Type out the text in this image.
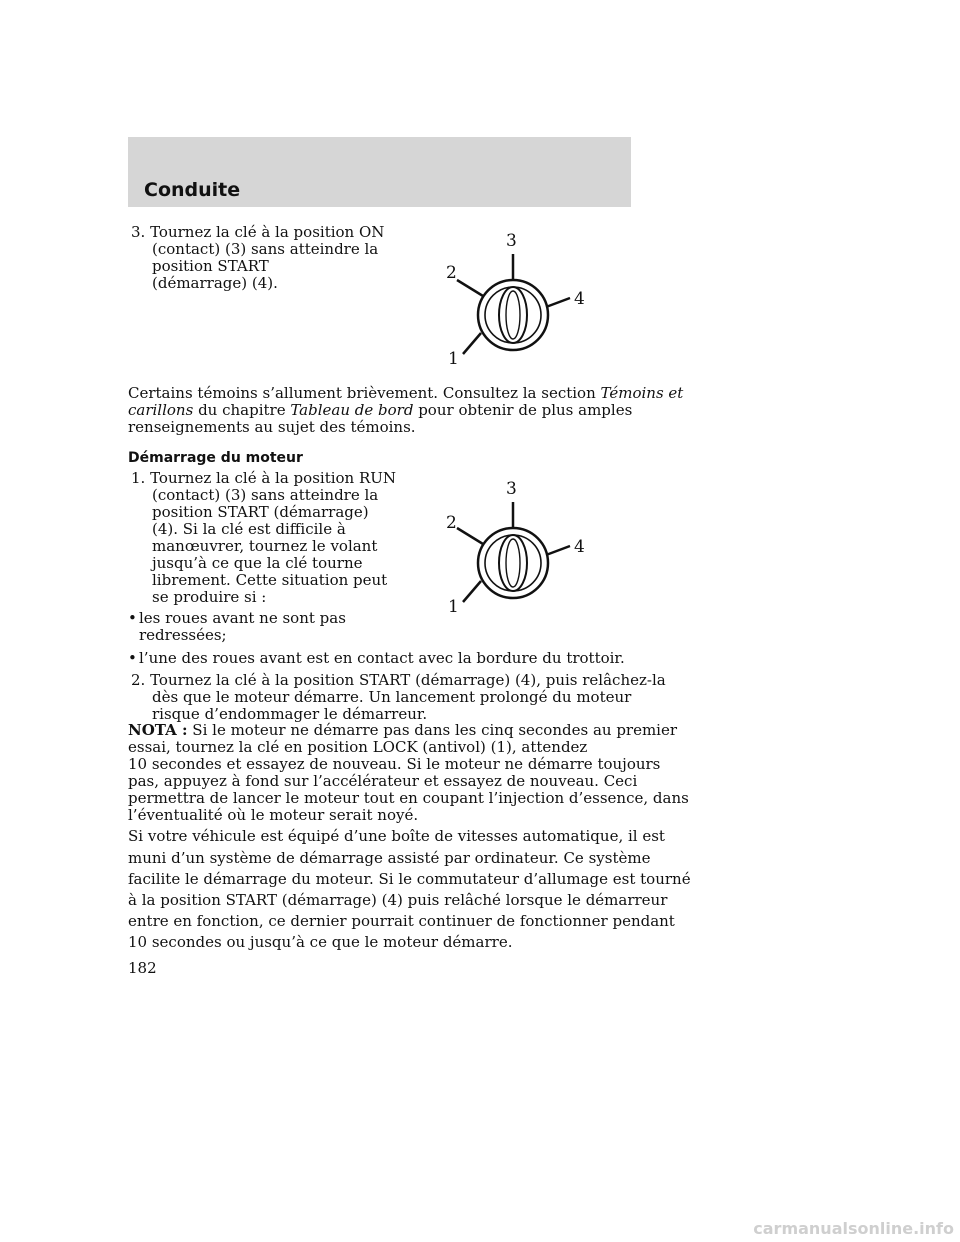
Conduite
3. Tournez la clé à la position ON
(contact) (3) sans atteindre la
position START
(démarrage) (4).
3
2
4
1
Certains témoins s’allument brièvement. Consultez la section Témoins et
carillons du chapitre Tableau de bord pour obtenir de plus amples
renseignements au sujet des témoins.
Démarrage du moteur
1. Tournez la clé à la position RUN
(contact) (3) sans atteindre la
position START (démarrage)
(4). Si la clé est difficile à
manœuvrer, tournez le volant
jusqu’à ce que la clé tourne
librement. Cette situation peut
se produire si :
3
2
4
1
• les roues avant ne sont pas
redressées;
• l’une des roues avant est en contact avec la bordure du trottoir.
2. Tournez la clé à la position START (démarrage) (4), puis relâchez-la
dès que le moteur démarre. Un lancement prolongé du moteur
risque d’endommager le démarreur.
NOTA : Si le moteur ne démarre pas dans les cinq secondes au premier
essai, tournez la clé en position LOCK (antivol) (1), attendez
10 secondes et essayez de nouveau. Si le moteur ne démarre toujours
pas, appuyez à fond sur l’accélérateur et essayez de nouveau. Ceci
permettra de lancer le moteur tout en coupant l’injection d’essence, dans
l’éventualité où le moteur serait noyé.
Si votre véhicule est équipé d’une boîte de vitesses automatique, il est
muni d’un système de démarrage assisté par ordinateur. Ce système
facilite le démarrage du moteur. Si le commutateur d’allumage est tourné
à la position START (démarrage) (4) puis relâché lorsque le démarreur
entre en fonction, ce dernier pourrait continuer de fonctionner pendant
10 secondes ou jusqu’à ce que le moteur démarre.
182
carmanualsonline.info
